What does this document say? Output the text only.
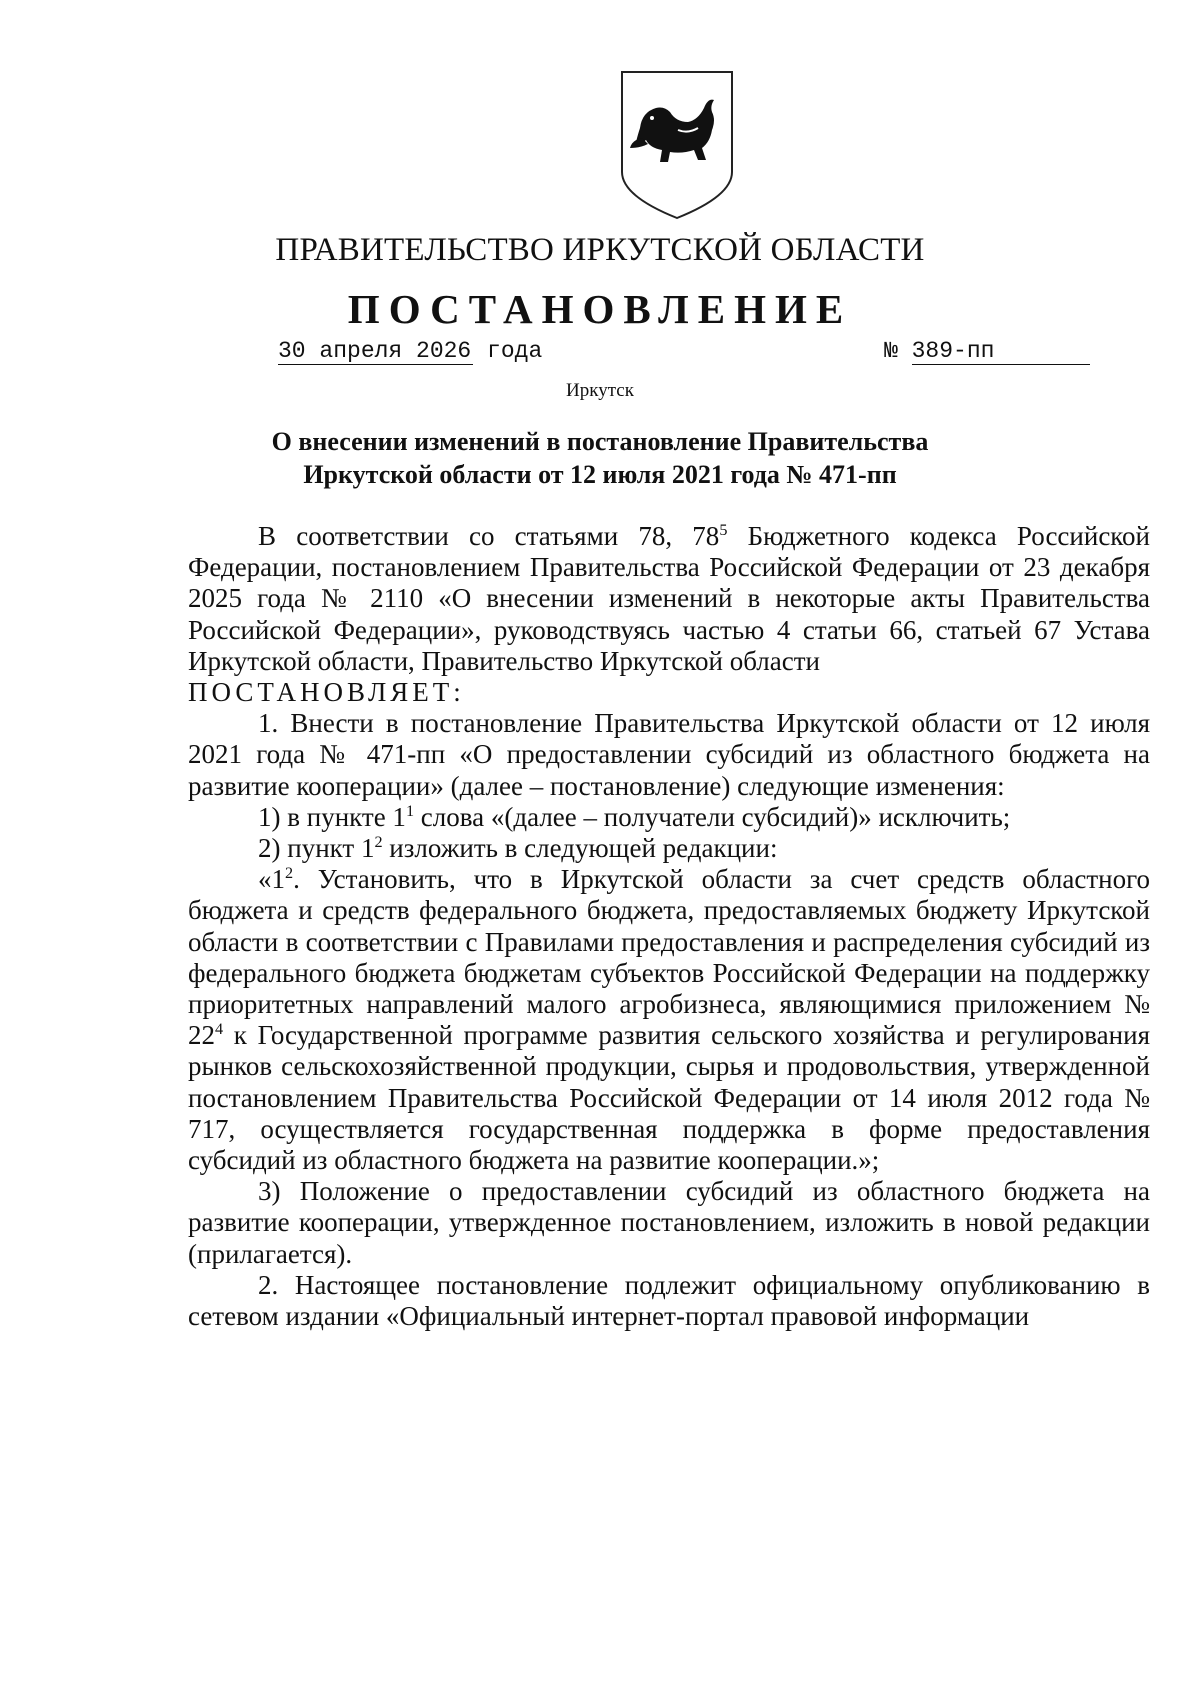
ПРАВИТЕЛЬСТВО ИРКУТСКОЙ ОБЛАСТИ
ПОСТАНОВЛЕНИЕ
30 апреля 2026 года	№ 389-пп
Иркутск
О внесении изменений в постановление Правительства
Иркутской области от 12 июля 2021 года № 471-пп

В соответствии со статьями 78, $78^5$ Бюджетного кодекса Российской Федерации, постановлением Правительства Российской Федерации от 23 декабря 2025 года № 2110 «О внесении изменений в некоторые акты Правительства Российской Федерации», руководствуясь частью 4 статьи 66, статьей 67 Устава Иркутской области, Правительство Иркутской области

ПОСТАНОВЛЯЕТ:

1. Внести в постановление Правительства Иркутской области от 12 июля 2021 года № 471-пп «О предоставлении субсидий из областного бюджета на развитие кооперации» (далее – постановление) следующие изменения:

1) в пункте $1^1$ слова «(далее – получатели субсидий)» исключить;

2) пункт $1^2$ изложить в следующей редакции:

«$1^2$. Установить, что в Иркутской области за счет средств областного бюджета и средств федерального бюджета, предоставляемых бюджету Иркутской области в соответствии с Правилами предоставления и распределения субсидий из федерального бюджета бюджетам субъектов Российской Федерации на поддержку приоритетных направлений малого агробизнеса, являющимися приложением № $22^4$ к Государственной программе развития сельского хозяйства и регулирования рынков сельскохозяйственной продукции, сырья и продовольствия, утвержденной постановлением Правительства Российской Федерации от 14 июля 2012 года № 717, осуществляется государственная поддержка в форме предоставления субсидий из областного бюджета на развитие кооперации.»;

3) Положение о предоставлении субсидий из областного бюджета на развитие кооперации, утвержденное постановлением, изложить в новой редакции (прилагается).

2. Настоящее постановление подлежит официальному опубликованию в сетевом издании «Официальный интернет-портал правовой информации
